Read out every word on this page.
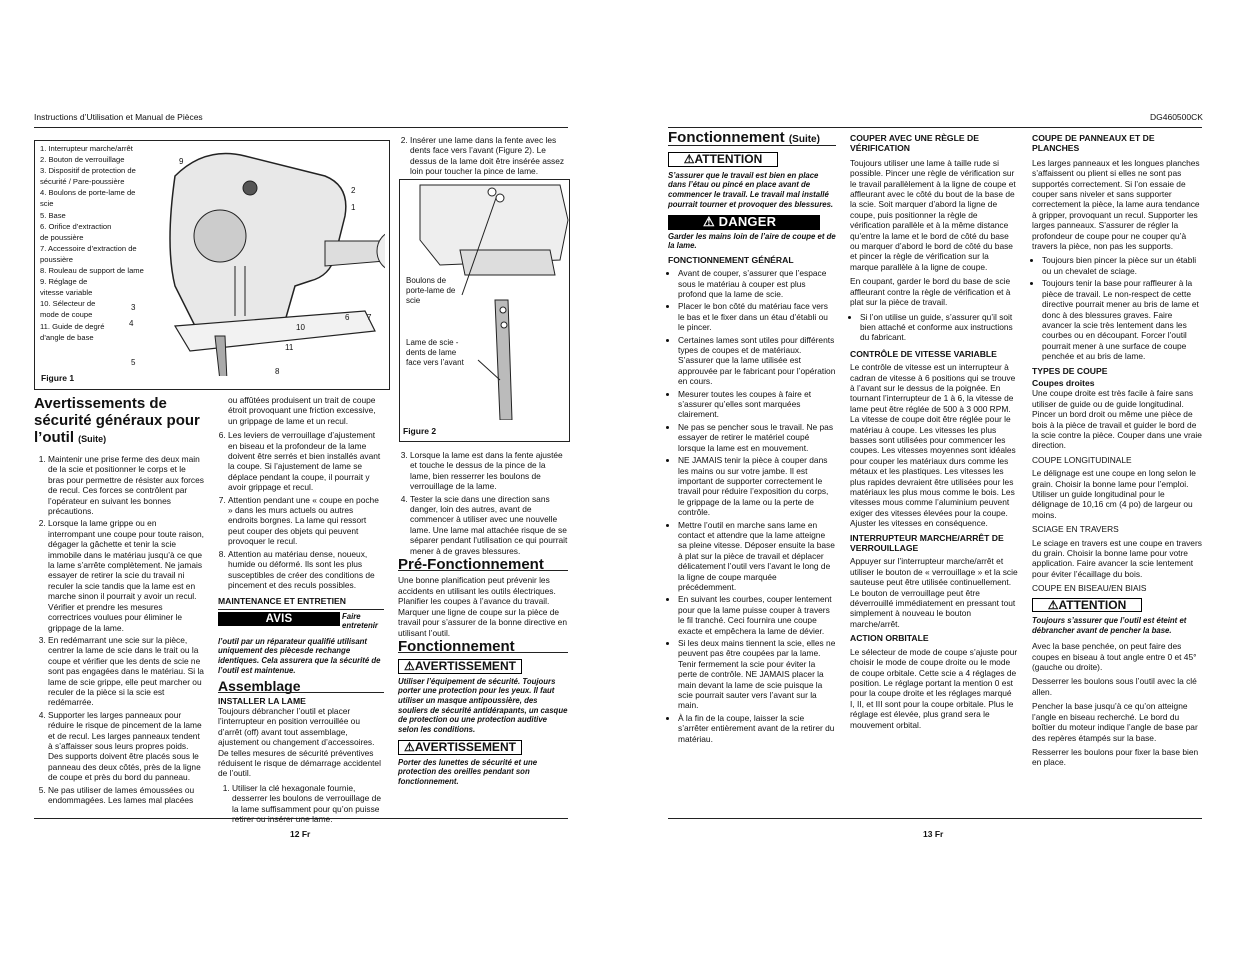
Instructions d’Utilisation et Manual de Pièces	DG460500CK
1. Interrupteur marche/arrêt
2. Bouton de verrouillage
3. Dispositif de protection de
sécurité / Pare-poussière
4. Boulons de porte-lame de
scie
5. Base
6. Orifice d’extraction
de poussière
7. Accessoire d’extraction de
poussière
8. Rouleau de support de lame
9. Réglage de
vitesse variable
10. Sélecteur de
mode de coupe
11. Guide de degré
d’angle de base
9
2
1
3
4
5
10
11
8
6 7
Figure 1
Avertissements de sécurité généraux pour l’outil (Suite)
1. Maintenir une prise ferme des deux main de la scie et positionner le corps et le bras pour permettre de résister aux forces de recul. Ces forces se contrôlent par l’opérateur en suivant les bonnes précautions.
2. Lorsque la lame grippe ou en interrompant une coupe pour toute raison, dégager la gâchette et tenir la scie immobile dans le matériau jusqu’à ce que la lame s’arrête complètement. Ne jamais essayer de retirer la scie du travail ni reculer la scie tandis que la lame est en marche sinon il pourrait y avoir un recul. Vérifier et prendre les mesures correctrices voulues pour éliminer le grippage de la lame.
3. En redémarrant une scie sur la pièce, centrer la lame de scie dans le trait ou la coupe et vérifier que les dents de scie ne sont pas engagées dans le matériau. Si la lame de scie grippe, elle peut marcher ou reculer de la pièce si la scie est redémarrée.
4. Supporter les larges panneaux pour réduire le risque de pincement de la lame et de recul. Les larges panneaux tendent à s’affaisser sous leurs propres poids. Des supports doivent être placés sous le panneau des deux côtés, près de la ligne de coupe et près du bord du panneau.
5. Ne pas utiliser de lames émoussées ou endommagées. Les lames mal placées

ou affûtées produisent un trait de coupe étroit provoquant une friction excessive, un grippage de lame et un recul.

6. Les leviers de verrouillage d’ajustement en biseau et la profondeur de la lame doivent être serrés et bien installés avant la coupe. Si l’ajustement de lame se déplace pendant la coupe, il pourrait y avoir grippage et recul.
7. Attention pendant une « coupe en poche » dans les murs actuels ou autres endroits borgnes. La lame qui ressort peut couper des objets qui peuvent provoquer le recul.
8. Attention au matériau dense, noueux, humide ou déformé. Ils sont les plus susceptibles de créer des conditions de pincement et des reculs possibles.
MAINTENANCE ET ENTRETIEN
AVIS	Faire entretenir
l’outil par un réparateur qualifié utilisant uniquement des piècesde rechange identiques. Cela assurera que la sécurité de l’outil est maintenue.
Assemblage
INSTALLER LA LAME

Toujours débrancher l’outil et placer l’interrupteur en position verrouillée ou d’arrêt (off) avant tout assemblage, ajustement ou changement d’accessoires. De telles mesures de sécurité préventives réduisent le risque de démarrage accidentel de l’outil.

1. Utiliser la clé hexagonale fournie, desserrer les boulons de verrouillage de la lame suffisamment pour qu’on puisse
2. Insérer une lame dans la fente avec les dents face vers l’avant (Figure 2). Le dessus de la lame doit être insérée assez loin pour toucher la pince de lame.
Boulons de porte-lame de scie
Lame de scie - dents de lame face vers l’avant
Figure 2
3. Lorsque la lame est dans la fente ajustée et touche le dessus de la pince de la lame, bien resserrer les boulons de verrouillage de la lame.
4. Tester la scie dans une direction sans danger, loin des autres, avant de commencer à utiliser avec une nouvelle lame. Une lame mal attachée risque de se séparer pendant l’utilisation ce qui pourrait mener à de graves blessures.
Pré-Fonctionnement

Une bonne planification peut prévenir les accidents en utilisant les outils électriques. Planifier les coupes à l’avance du travail. Marquer une ligne de coupe sur la pièce de travail pour s’assurer de la bonne directive en utilisant l’outil.

Fonctionnement
⚠AVERTISSEMENT
Utiliser l’équipement de sécurité. Toujours porter une protection pour les yeux. Il faut utiliser un masque antipoussière, des souliers de sécurité antidérapants, un casque de protection ou une protection auditive selon les conditions.
⚠AVERTISSEMENT
Porter des lunettes de sécurité et une protection des oreilles pendant son fonctionnement.
12 Fr
Fonctionnement (Suite)
⚠ATTENTION
S’assurer que le travail est bien en place dans l’étau ou pincé en place avant de commencer le travail. Le travail mal installé pourrait tourner et provoquer des blessures.
⚠ DANGER
Garder les mains loin de l’aire de coupe et de la lame.
FONCTIONNEMENT GÉNÉRAL
• Avant de couper, s’assurer que l’espace sous le matériau à couper est plus profond que la lame de scie.
• Placer le bon côté du matériau face vers le bas et le fixer dans un étau d’établi ou le pincer.
• Certaines lames sont utiles pour différents types de coupes et de matériaux. S’assurer que la lame utilisée est approuvée par le fabricant pour l’opération en cours.
• Mesurer toutes les coupes à faire et s’assurer qu’elles sont marquées clairement.
• Ne pas se pencher sous le travail. Ne pas essayer de retirer le matériel coupé lorsque la lame est en mouvement.
• NE JAMAIS tenir la pièce à couper dans les mains ou sur votre jambe. Il est important de supporter correctement le travail pour réduire l’exposition du corps, le grippage de la lame ou la perte de contrôle.
• Mettre l’outil en marche sans lame en contact et attendre que la lame atteigne sa pleine vitesse. Déposer ensuite la base à plat sur la pièce de travail et déplacer délicatement l’outil vers l’avant le long de la ligne de coupe marquée précédemment.
• En suivant les courbes, couper lentement pour que la lame puisse couper à travers le fil tranché. Ceci fournira une coupe exacte et empêchera la lame de dévier.
• Si les deux mains tiennent la scie, elles ne peuvent pas être coupées par la lame. Tenir fermement la scie pour éviter la perte de contrôle. NE JAMAIS placer la main devant la lame de scie puisque la scie pourrait sauter vers l’avant sur la main.
• À la fin de la coupe, laisser la scie s’arrêter entièrement avant de la retirer du matériau.
COUPER AVEC UNE RÈGLE DE VÉRIFICATION

Toujours utiliser une lame à taille rude si possible. Pincer une règle de vérification sur le travail parallèlement à la ligne de coupe et affleurant avec le côté du bout de la base de la scie. Soit marquer d’abord la ligne de coupe, puis positionner la règle de vérification parallèle et à la même distance qu’entre la lame et le bord de côté du base ou marquer d’abord le bord de côté du base et pincer la règle de vérification sur la marque parallèle à la ligne de coupe.

En coupant, garder le bord du base de scie affleurant contre la règle de vérification et à plat sur la pièce de travail.

• Si l’on utilise un guide, s’assurer qu’il soit bien attaché et conforme aux instructions du fabricant.
CONTRÔLE DE VITESSE VARIABLE

Le contrôle de vitesse est un interrupteur à cadran de vitesse à 6 positions qui se trouve à l’avant sur le dessus de la poignée. En tournant l’interrupteur de 1 à 6, la vitesse de lame peut être réglée de 500 à 3 000 RPM. La vitesse de coupe doit être réglée pour le matériau à coupe. Les vitesses les plus basses sont utilisées pour commencer les coupes. Les vitesses moyennes sont idéales pour couper les matériaux durs comme les métaux et les plastiques. Les vitesses les plus rapides devraient être utilisées pour les matériaux les plus mous comme le bois. Les vitesses mous comme l’aluminium peuvent exiger des vitesses élevées pour la coupe. Ajuster les vitesses en conséquence.

INTERRUPTEUR MARCHE/ARRÊT DE VERROUILLAGE

Appuyer sur l’interrupteur marche/arrêt et utiliser le bouton de « verrouillage » et la scie sauteuse peut être utilisée continuellement. Le bouton de verrouillage peut être déverrouillé immédiatement en pressant tout simplement à nouveau le bouton marche/arrêt.

ACTION ORBITALE

Le sélecteur de mode de coupe s’ajuste pour choisir le mode de coupe droite ou le mode de coupe orbitale. Cette scie a 4 réglages de position. Le réglage portant la mention 0 est pour la coupe droite et les réglages marqué I, II, et III sont pour la coupe orbitale. Plus le réglage est élevée, plus grand sera le mouvement orbital.

COUPE DE PANNEAUX ET DE PLANCHES

Les larges panneaux et les longues planches s’affaissent ou plient si elles ne sont pas supportés correctement. Si l’on essaie de couper sans niveler et sans supporter correctement la pièce, la lame aura tendance à gripper, provoquant un recul. Supporter les larges panneaux. S’assurer de régler la profondeur de coupe pour ne couper qu’à travers la pièce, non pas les supports.

• Toujours bien pincer la pièce sur un établi ou un chevalet de sciage.
• Toujours tenir la base pour raffleurer à la pièce de travail. Le non-respect de cette directive pourrait mener au bris de lame et donc à des blessures graves. Faire avancer la scie très lentement dans les courbes ou en découpant. Forcer l’outil pourrait mener à une surface de coupe penchée et au bris de lame.
TYPES DE COUPE
Coupes droites

Une coupe droite est très facile à faire sans utiliser de guide ou de guide longitudinal. Pincer un bord droit ou même une pièce de bois à la pièce de travail et guider le bord de la scie contre la pièce. Couper dans une vraie direction.

COUPE LONGITUDINALE

Le délignage est une coupe en long selon le grain. Choisir la bonne lame pour l’emploi. Utiliser un guide longitudinal pour le délignage de 10,16 cm (4 po) de largeur ou moins.

SCIAGE EN TRAVERS

Le sciage en travers est une coupe en travers du grain. Choisir la bonne lame pour votre application. Faire avancer la scie lentement pour éviter l’écaillage du bois.

COUPE EN BISEAU/EN BIAIS
⚠ATTENTION
Toujours s’assurer que l’outil est éteint et débrancher avant de pencher la base.

Avec la base penchée, on peut faire des coupes en biseau à tout angle entre 0 et 45° (gauche ou droite).

Desserrer les boulons sous l’outil avec la clé allen.

Pencher la base jusqu’à ce qu’on atteigne l’angle en biseau recherché. Le bord du boîtier du moteur indique l’angle de base par des repères étampés sur la base.

Resserrer les boulons pour fixer la base bien en place.

13 Fr
